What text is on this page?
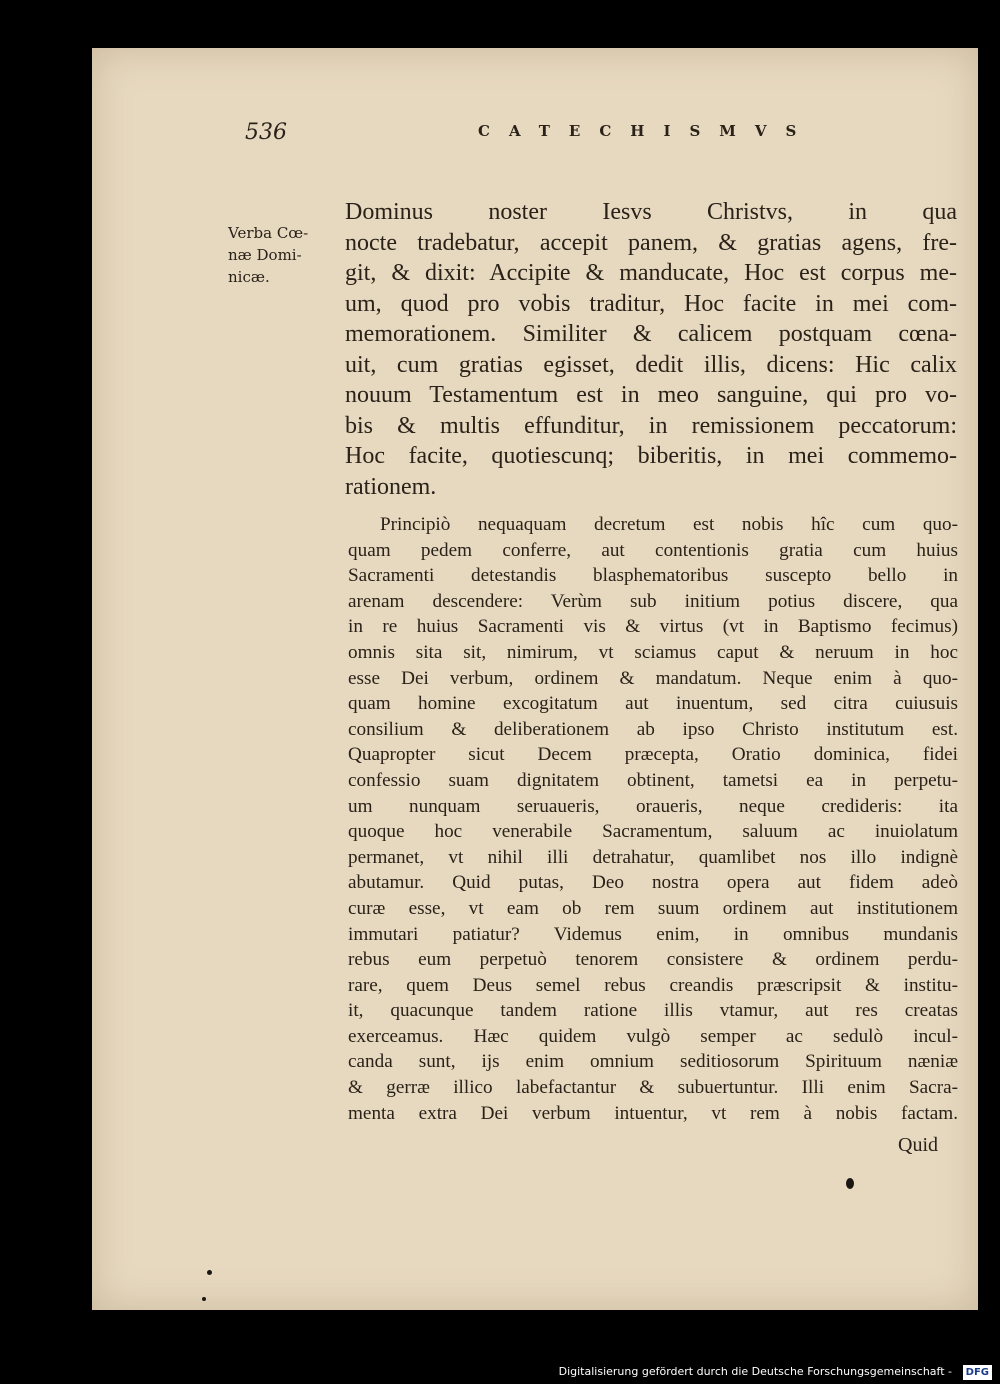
536	CATECHISMVS

Verba Cœ-
næ Domi-
nicæ.
Dominus noster Iesvs Christvs, in qua
nocte tradebatur, accepit panem, & gratias agens, fre-
git, & dixit: Accipite & manducate, Hoc est corpus me-
um, quod pro vobis traditur, Hoc facite in mei com-
memorationem. Similiter & calicem postquam cœna-
uit, cum gratias egisset, dedit illis, dicens: Hic calix
nouum Testamentum est in meo sanguine, qui pro vo-
bis & multis effunditur, in remissionem peccatorum:
Hoc facite, quotiescunq; biberitis, in mei commemo-
rationem.
Principiò nequaquam decretum est nobis hîc cum quo-
quam pedem conferre, aut contentionis gratia cum huius
Sacramenti detestandis blasphematoribus suscepto bello in
arenam descendere: Verùm sub initium potius discere, qua
in re huius Sacramenti vis & virtus (vt in Baptismo fecimus)
omnis sita sit, nimirum, vt sciamus caput & neruum in hoc
esse Dei verbum, ordinem & mandatum. Neque enim à quo-
quam homine excogitatum aut inuentum, sed citra cuiusuis
consilium & deliberationem ab ipso Christo institutum est.
Quapropter sicut Decem præcepta, Oratio dominica, fidei
confessio suam dignitatem obtinent, tametsi ea in perpetu-
um nunquam seruaueris, oraueris, neque credideris: ita
quoque hoc venerabile Sacramentum, saluum ac inuiolatum
permanet, vt nihil illi detrahatur, quamlibet nos illo indignè
abutamur. Quid putas, Deo nostra opera aut fidem adeò
curæ esse, vt eam ob rem suum ordinem aut institutionem
immutari patiatur? Videmus enim, in omnibus mundanis
rebus eum perpetuò tenorem consistere & ordinem perdu-
rare, quem Deus semel rebus creandis præscripsit & institu-
it, quacunque tandem ratione illis vtamur, aut res creatas
exerceamus. Hæc quidem vulgò semper ac sedulò incul-
canda sunt, ijs enim omnium seditiosorum Spirituum næniæ
& gerræ illico labefactantur & subuertuntur. Illi enim Sacra-
menta extra Dei verbum intuentur, vt rem à nobis factam.

Quid

Digitalisierung gefördert durch die Deutsche Forschungsgemeinschaft -	DFG
